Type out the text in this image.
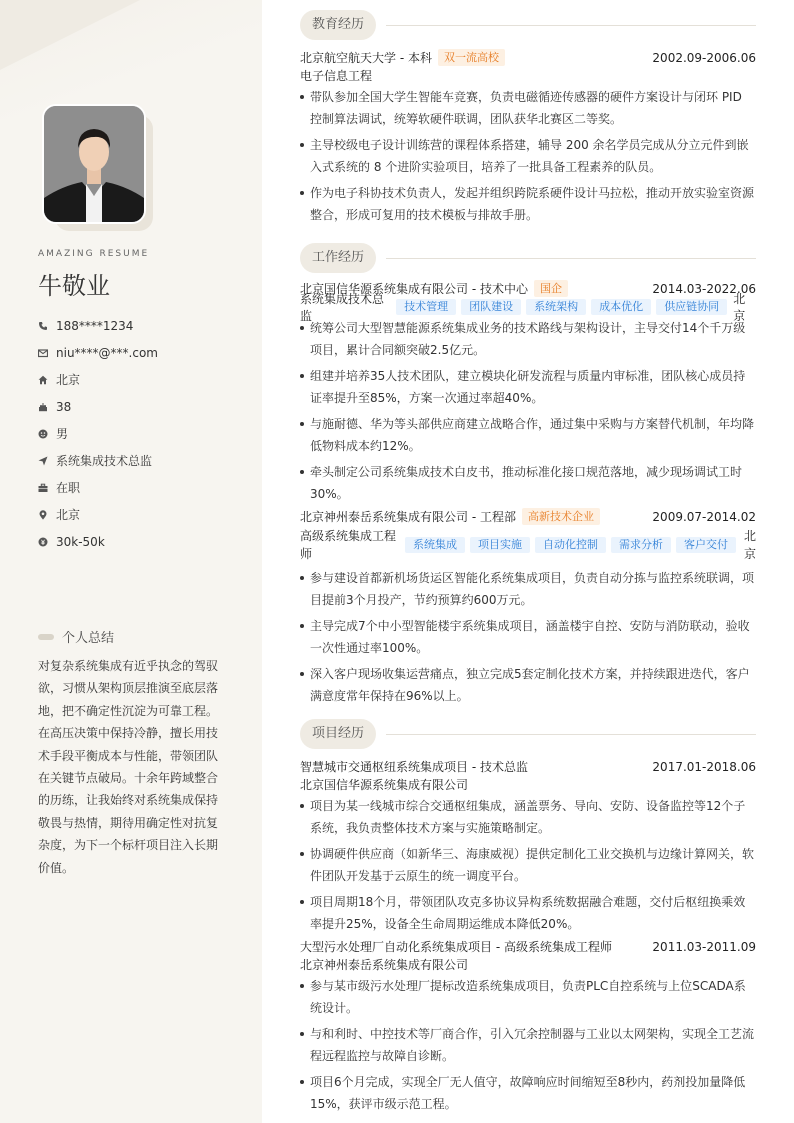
AMAZING RESUME
牛敬业
188****1234
niu****@***.com
北京
38
男
系统集成技术总监
在职
北京
30k-50k
个人总结

对复杂系统集成有近乎执念的驾驭欲，习惯从架构顶层推演至底层落地，把不确定性沉淀为可靠工程。在高压决策中保持冷静，擅长用技术手段平衡成本与性能，带领团队在关键节点破局。十余年跨域整合的历练，让我始终对系统集成保持敬畏与热情，期待用确定性对抗复杂度，为下一个标杆项目注入长期价值。

教育经历
北京航空航天大学 - 本科	双一流高校	2002.09-2006.06
电子信息工程
带队参加全国大学生智能车竞赛，负责电磁循迹传感器的硬件方案设计与闭环 PID 控制算法调试，统筹软硬件联调，团队获华北赛区二等奖。
主导校级电子设计训练营的课程体系搭建，辅导 200 余名学员完成从分立元件到嵌入式系统的 8 个进阶实验项目，培养了一批具备工程素养的队员。
作为电子科协技术负责人，发起并组织跨院系硬件设计马拉松，推动开放实验室资源整合，形成可复用的技术模板与排故手册。
工作经历
北京国信华源系统集成有限公司 - 技术中心	国企	2014.03-2022.06
系统集成技术总监
技术管理	团队建设	系统架构	成本优化	供应链协同
北京
统筹公司大型智慧能源系统集成业务的技术路线与架构设计，主导交付14个千万级项目，累计合同额突破2.5亿元。
组建并培养35人技术团队，建立模块化研发流程与质量内审标准，团队核心成员持证率提升至85%，方案一次通过率超40%。
与施耐德、华为等头部供应商建立战略合作，通过集中采购与方案替代机制，年均降低物料成本约12%。
牵头制定公司系统集成技术白皮书，推动标准化接口规范落地，减少现场调试工时30%。
北京神州泰岳系统集成有限公司 - 工程部	高新技术企业	2009.07-2014.02
高级系统集成工程
师
系统集成	项目实施	自动化控制	需求分析	客户交付
北
京
参与建设首都新机场货运区智能化系统集成项目，负责自动分拣与监控系统联调，项目提前3个月投产，节约预算约600万元。
主导完成7个中小型智能楼宇系统集成项目，涵盖楼宇自控、安防与消防联动，验收一次性通过率100%。
深入客户现场收集运营痛点，独立完成5套定制化技术方案，并持续跟进迭代，客户满意度常年保持在96%以上。
项目经历
智慧城市交通枢纽系统集成项目 - 技术总监	2017.01-2018.06
北京国信华源系统集成有限公司
项目为某一线城市综合交通枢纽集成，涵盖票务、导向、安防、设备监控等12个子系统，我负责整体技术方案与实施策略制定。
协调硬件供应商（如新华三、海康威视）提供定制化工业交换机与边缘计算网关，软件团队开发基于云原生的统一调度平台。
项目周期18个月，带领团队攻克多协议异构系统数据融合难题，交付后枢纽换乘效率提升25%，设备全生命周期运维成本降低20%。
大型污水处理厂自动化系统集成项目 - 高级系统集成工程师	2011.03-2011.09
北京神州泰岳系统集成有限公司
参与某市级污水处理厂提标改造系统集成项目，负责PLC自控系统与上位SCADA系统设计。
与和利时、中控技术等厂商合作，引入冗余控制器与工业以太网架构，实现全工艺流程远程监控与故障自诊断。
项目6个月完成，实现全厂无人值守，故障响应时间缩短至8秒内，药剂投加量降低15%，获评市级示范工程。
